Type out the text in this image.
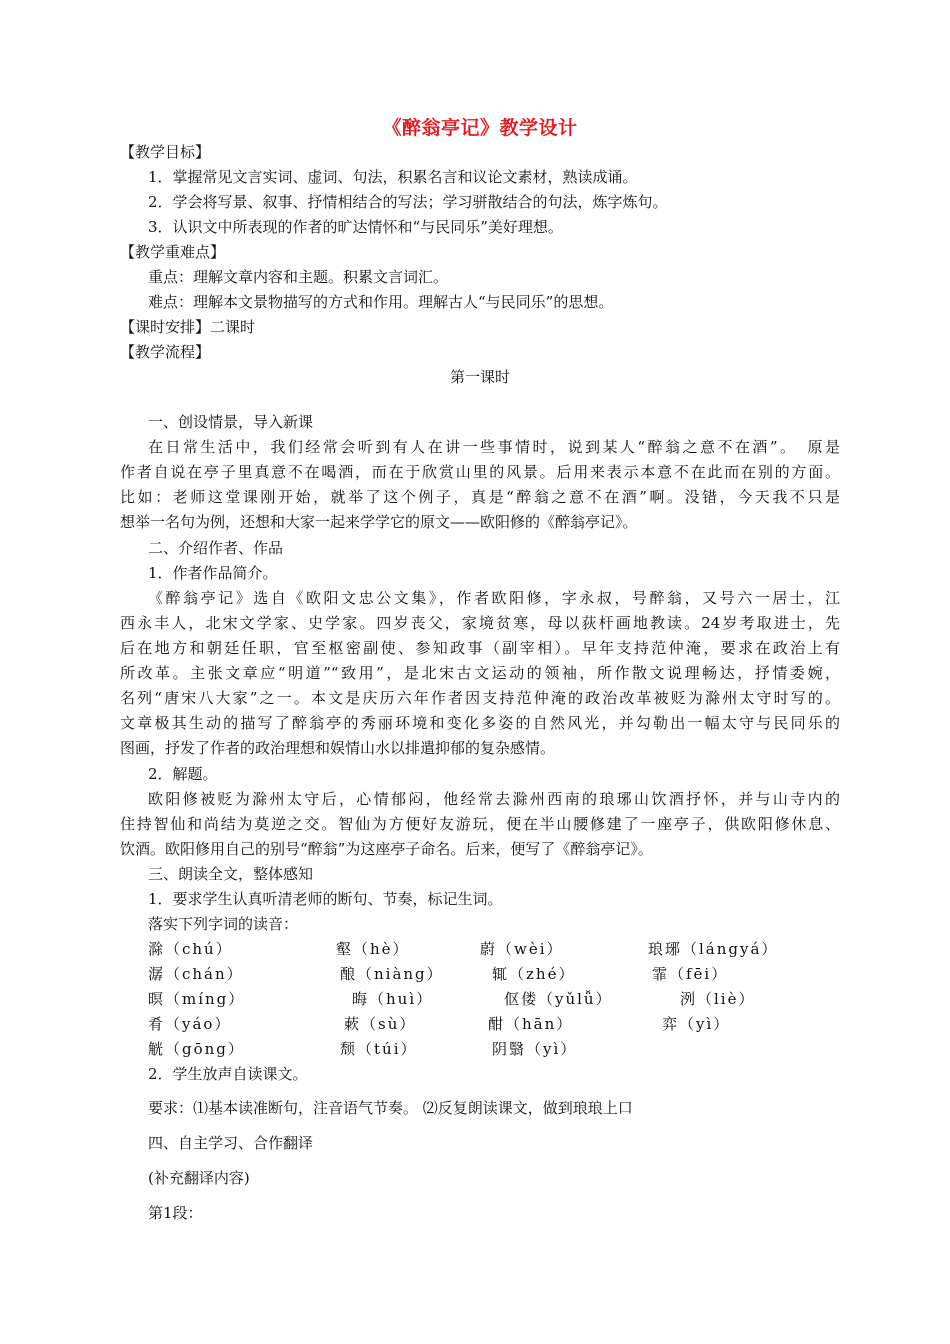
《醉翁亭记》教学设计
【教学目标】
1．掌握常见文言实词、虚词、句法，积累名言和议论文素材，熟读成诵。
2．学会将写景、叙事、抒情相结合的写法；学习骈散结合的句法，炼字炼句。
3．认识文中所表现的作者的旷达情怀和“与民同乐”美好理想。
【教学重难点】
重点：理解文章内容和主题。积累文言词汇。
难点：理解本文景物描写的方式和作用。理解古人“与民同乐”的思想。
【课时安排】二课时
【教学流程】
第一课时
一、创设情景，导入新课
在日常生活中，我们经常会听到有人在讲一些事情时，说到某人“醉翁之意不在酒”。　原是
作者自说在亭子里真意不在喝酒，而在于欣赏山里的风景。后用来表示本意不在此而在别的方面。
比如：老师这堂课刚开始，就举了这个例子，真是“醉翁之意不在酒”啊。没错，今天我不只是
想举一名句为例，还想和大家一起来学学它的原文——欧阳修的《醉翁亭记》。
二、介绍作者、作品
1．作者作品简介。
《醉翁亭记》选自《欧阳文忠公文集》，作者欧阳修，字永叔，号醉翁，又号六一居士，江
西永丰人，北宋文学家、史学家。四岁丧父，家境贫寒，母以荻杆画地教读。24岁考取进士，先
后在地方和朝廷任职，官至枢密副使、参知政事（副宰相）。早年支持范仲淹，要求在政治上有
所改革。主张文章应“明道”“致用”，是北宋古文运动的领袖，所作散文说理畅达，抒情委婉，
名列“唐宋八大家”之一。本文是庆历六年作者因支持范仲淹的政治改革被贬为滁州太守时写的。
文章极其生动的描写了醉翁亭的秀丽环境和变化多姿的自然风光，并勾勒出一幅太守与民同乐的
图画，抒发了作者的政治理想和娱情山水以排遣抑郁的复杂感情。
2．解题。
欧阳修被贬为滁州太守后，心情郁闷，他经常去滁州西南的琅琊山饮酒抒怀，并与山寺内的
住持智仙和尚结为莫逆之交。智仙为方便好友游玩，便在半山腰修建了一座亭子，供欧阳修休息、
饮酒。欧阳修用自己的别号“醉翁”为这座亭子命名。后来，便写了《醉翁亭记》。
三、朗读全文，整体感知
1．要求学生认真听清老师的断句、节奏，标记生词。
落实下列字词的读音：
滁（chú）	壑（hè）	蔚（wèi）	琅琊（lángyá）
潺（chán）	酿（niàng）	辄（zhé）	霏（fēi）
暝（míng）	晦（huì）	伛偻（yǔlǚ）	洌（liè）
肴（yáo）	蔌（sù）	酣（hān）	弈（yì）
觥（gōng）	颓（túi）	阴翳（yì）
2．学生放声自读课文。
要求：⑴基本读准断句，注音语气节奏。 ⑵反复朗读课文，做到琅琅上口
四、自主学习、合作翻译
(补充翻译内容)
第1段：
